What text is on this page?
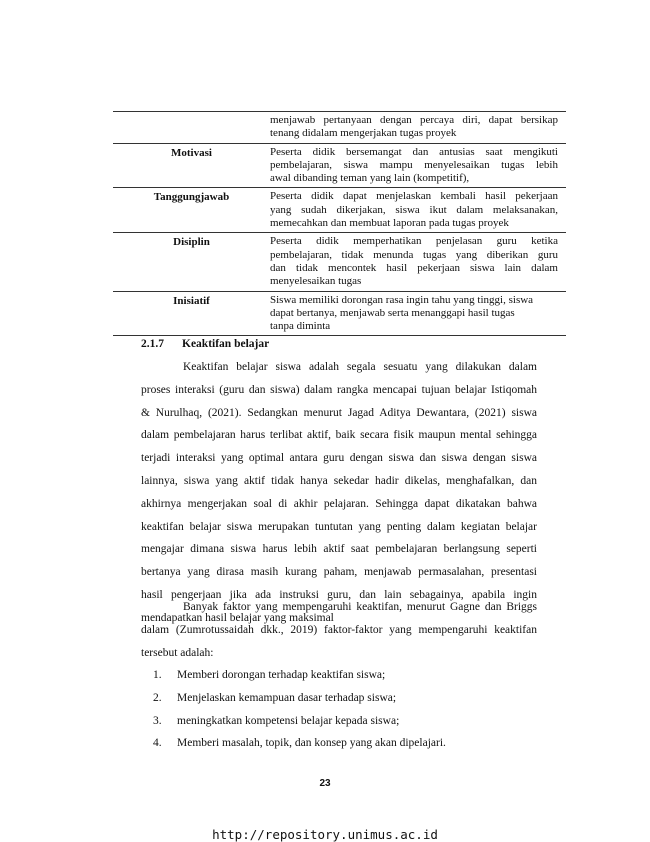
menjawab pertanyaan dengan percaya diri, dapat bersikap
tenang didalam mengerjakan tugas proyek
Motivasi	Peserta didik bersemangat dan antusias saat mengikuti
pembelajaran, siswa mampu menyelesaikan tugas lebih
awal dibanding teman yang lain (kompetitif),
Tanggungjawab	Peserta didik dapat menjelaskan kembali hasil pekerjaan
yang sudah dikerjakan, siswa ikut dalam melaksanakan,
memecahkan dan membuat laporan pada tugas proyek
Disiplin	Peserta didik memperhatikan penjelasan guru ketika
pembelajaran, tidak menunda tugas yang diberikan guru
dan tidak mencontek hasil pekerjaan siswa lain dalam
menyelesaikan tugas
Inisiatif	Siswa memiliki dorongan rasa ingin tahu yang tinggi, siswa
dapat bertanya, menjawab serta menanggapi hasil tugas
tanpa diminta
2.1.7 Keaktifan belajar
Keaktifan belajar siswa adalah segala sesuatu yang dilakukan dalam
proses interaksi (guru dan siswa) dalam rangka mencapai tujuan belajar Istiqomah
& Nurulhaq, (2021). Sedangkan menurut Jagad Aditya Dewantara, (2021) siswa
dalam pembelajaran harus terlibat aktif, baik secara fisik maupun mental sehingga
terjadi interaksi yang optimal antara guru dengan siswa dan siswa dengan siswa
lainnya, siswa yang aktif tidak hanya sekedar hadir dikelas, menghafalkan, dan
akhirnya mengerjakan soal di akhir pelajaran. Sehingga dapat dikatakan bahwa
keaktifan belajar siswa merupakan tuntutan yang penting dalam kegiatan belajar
mengajar dimana siswa harus lebih aktif saat pembelajaran berlangsung seperti
bertanya yang dirasa masih kurang paham, menjawab permasalahan, presentasi
hasil pengerjaan jika ada instruksi guru, dan lain sebagainya, apabila ingin
mendapatkan hasil belajar yang maksimal
Banyak faktor yang mempengaruhi keaktifan, menurut Gagne dan Briggs
dalam (Zumrotussaidah dkk., 2019) faktor-faktor yang mempengaruhi keaktifan
tersebut adalah:
1.	Memberi dorongan terhadap keaktifan siswa;
2.	Menjelaskan kemampuan dasar terhadap siswa;
3.	meningkatkan kompetensi belajar kepada siswa;
4.	Memberi masalah, topik, dan konsep yang akan dipelajari.
23
http://repository.unimus.ac.id
